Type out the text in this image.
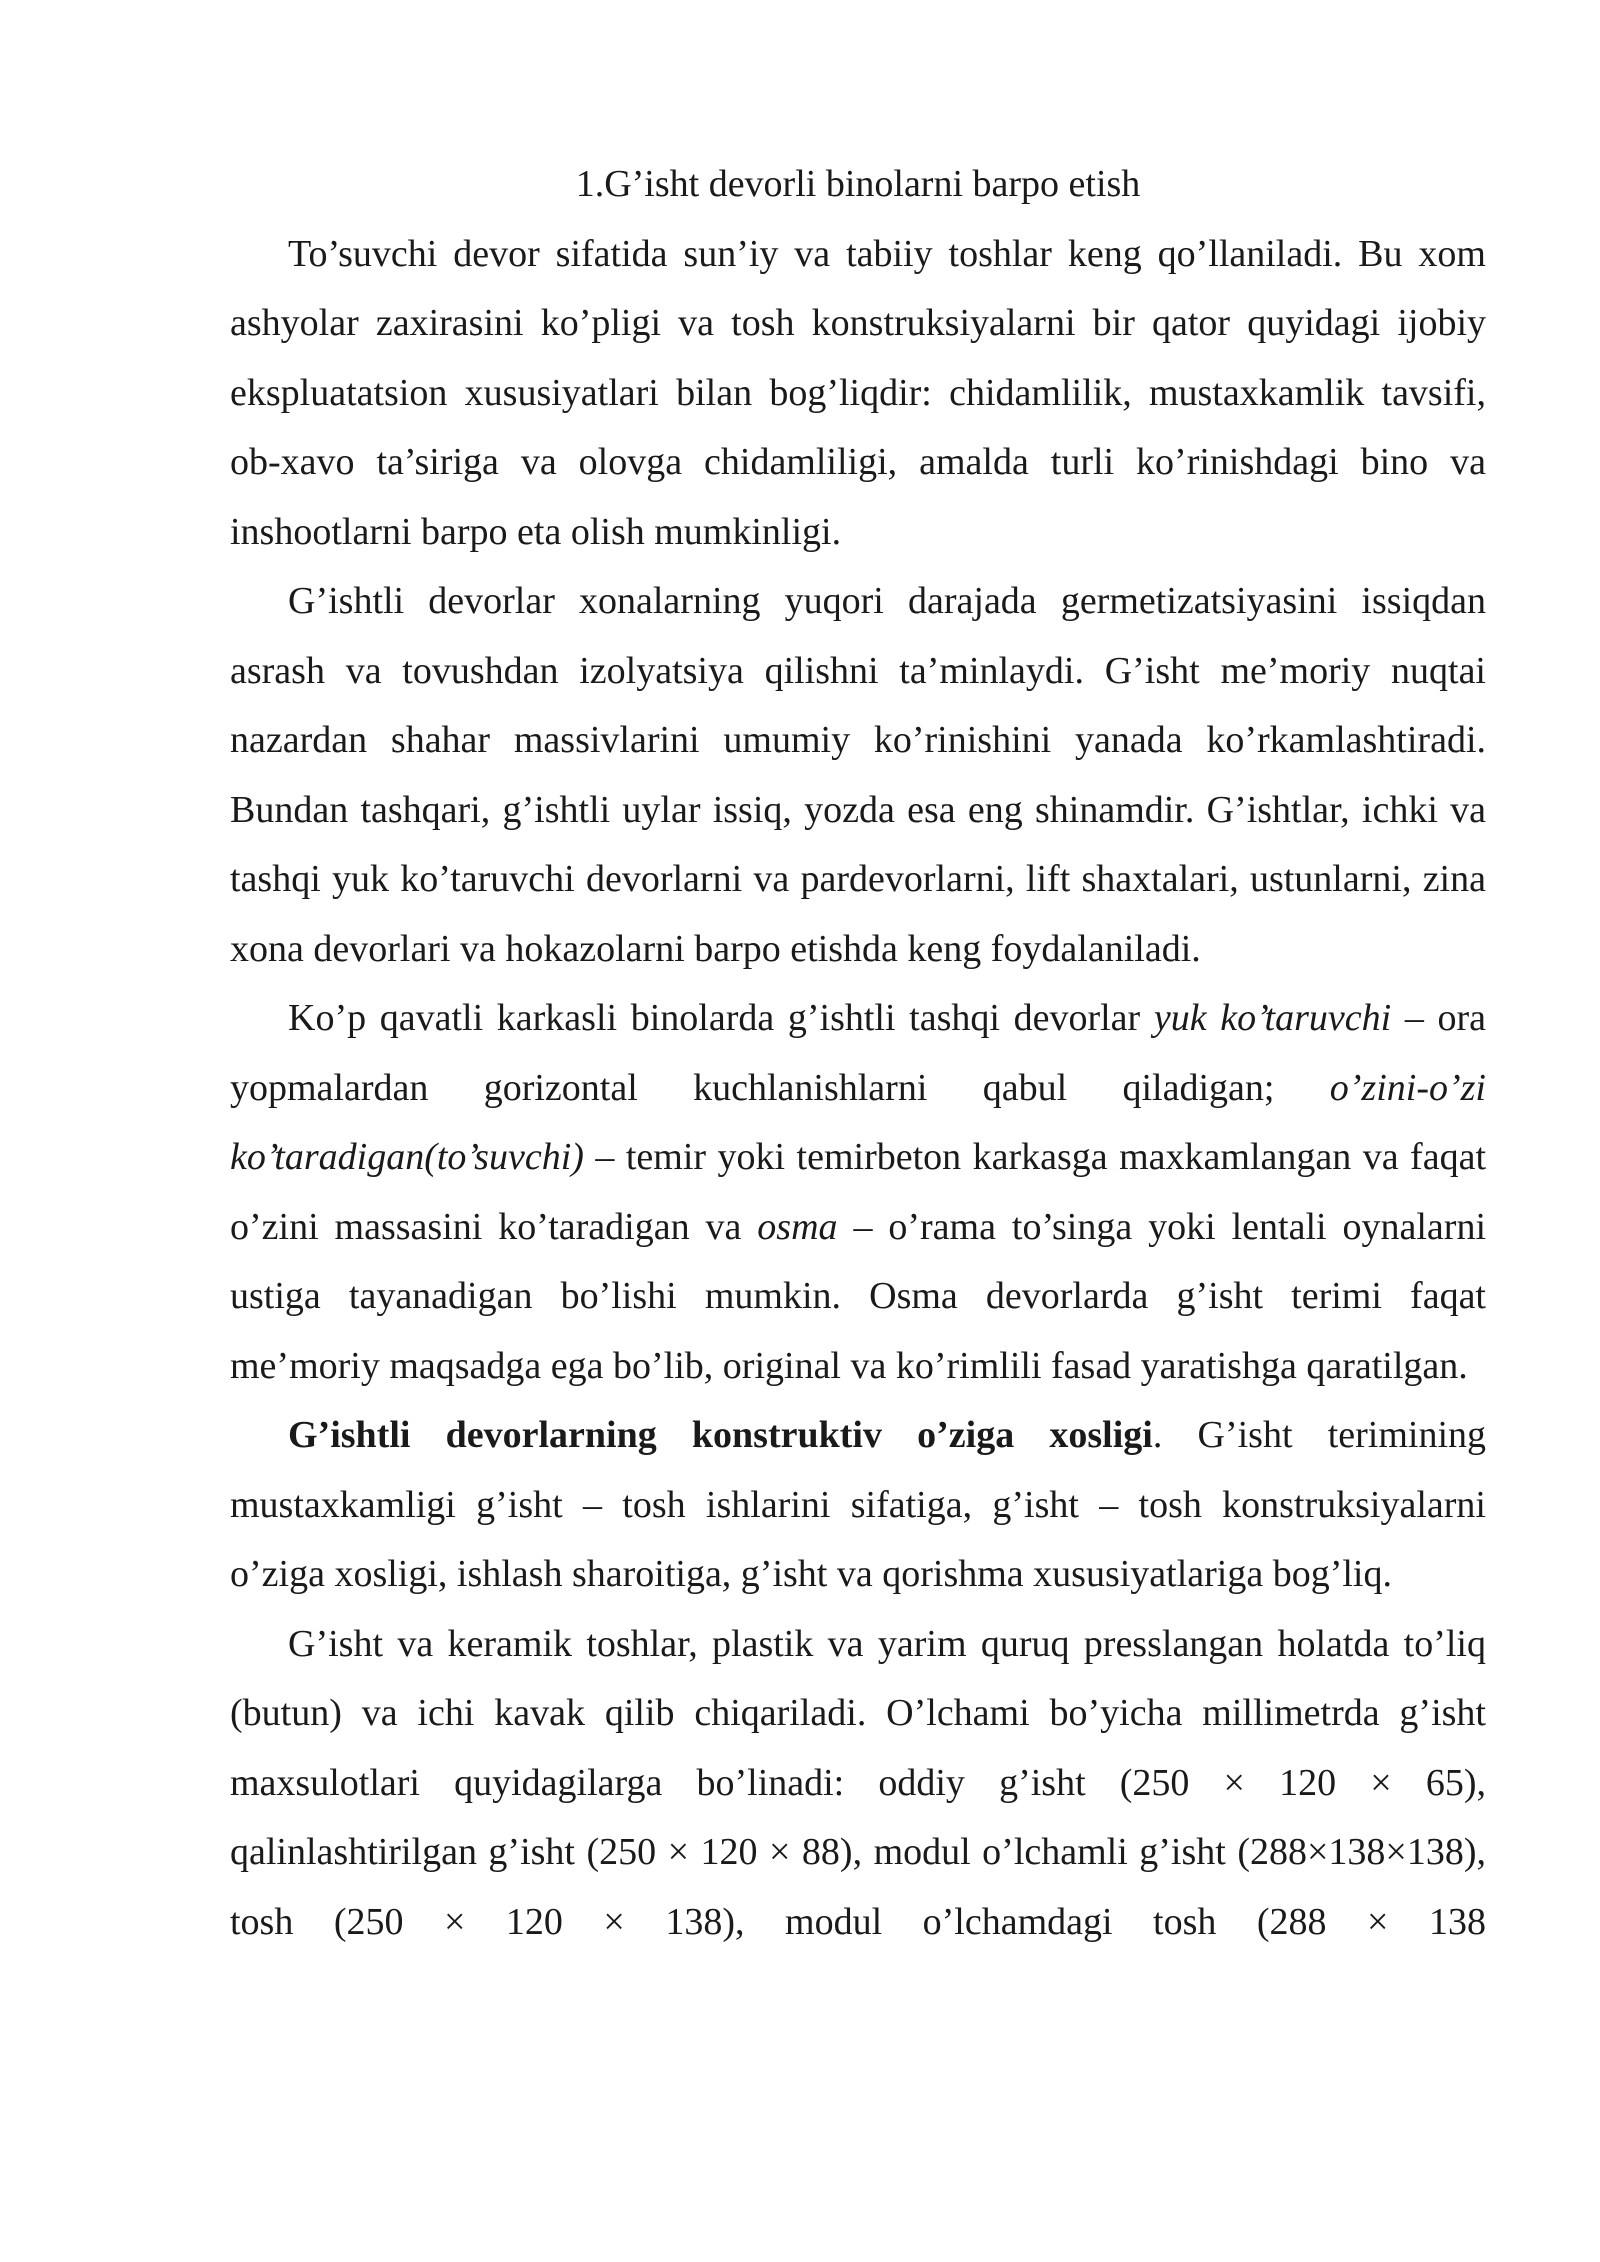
1.G’isht devorli binolarni barpo etish

To’suvchi devor sifatida sun’iy va tabiiy toshlar keng qo’llaniladi. Bu xom ashyolar zaxirasini ko’pligi va tosh konstruksiyalarni bir qator quyidagi ijobiy ekspluatatsion xususiyatlari bilan bog’liqdir: chidamlilik, mustaxkamlik tavsifi, ob-xavo ta’siriga va olovga chidamliligi, amalda turli ko’rinishdagi bino va inshootlarni barpo eta olish mumkinligi.

G’ishtli devorlar xonalarning yuqori darajada germetizatsiyasini issiqdan asrash va tovushdan izolyatsiya qilishni ta’minlaydi. G’isht me’moriy nuqtai nazardan shahar massivlarini umumiy ko’rinishini yanada ko’rkamlashtiradi. Bundan tashqari, g’ishtli uylar issiq, yozda esa eng shinamdir. G’ishtlar, ichki va tashqi yuk ko’taruvchi devorlarni va pardevorlarni, lift shaxtalari, ustunlarni, zina xona devorlari va hokazolarni barpo etishda keng foydalaniladi.

Ko’p qavatli karkasli binolarda g’ishtli tashqi devorlar yuk ko’taruvchi – ora yopmalardan gorizontal kuchlanishlarni qabul qiladigan; o’zini-o’zi ko’taradigan(to’suvchi) – temir yoki temirbeton karkasga maxkamlangan va faqat o’zini massasini ko’taradigan va osma – o’rama to’singa yoki lentali oynalarni ustiga tayanadigan bo’lishi mumkin. Osma devorlarda g’isht terimi faqat me’moriy maqsadga ega bo’lib, original va ko’rimlili fasad yaratishga qaratilgan.

G’ishtli devorlarning konstruktiv o’ziga xosligi. G’isht terimining mustaxkamligi g’isht – tosh ishlarini sifatiga, g’isht – tosh konstruksiyalarni o’ziga xosligi, ishlash sharoitiga, g’isht va qorishma xususiyatlariga bog’liq.

G’isht va keramik toshlar, plastik va yarim quruq presslangan holatda to’liq (butun) va ichi kavak qilib chiqariladi. O’lchami bo’yicha millimetrda g’isht maxsulotlari quyidagilarga bo’linadi: oddiy g’isht (250 × 120 × 65), qalinlashtirilgan g’isht (250 × 120 × 88), modul o’lchamli g’isht (288×138×138), tosh (250 × 120 × 138), modul o’lchamdagi tosh (288 × 138
